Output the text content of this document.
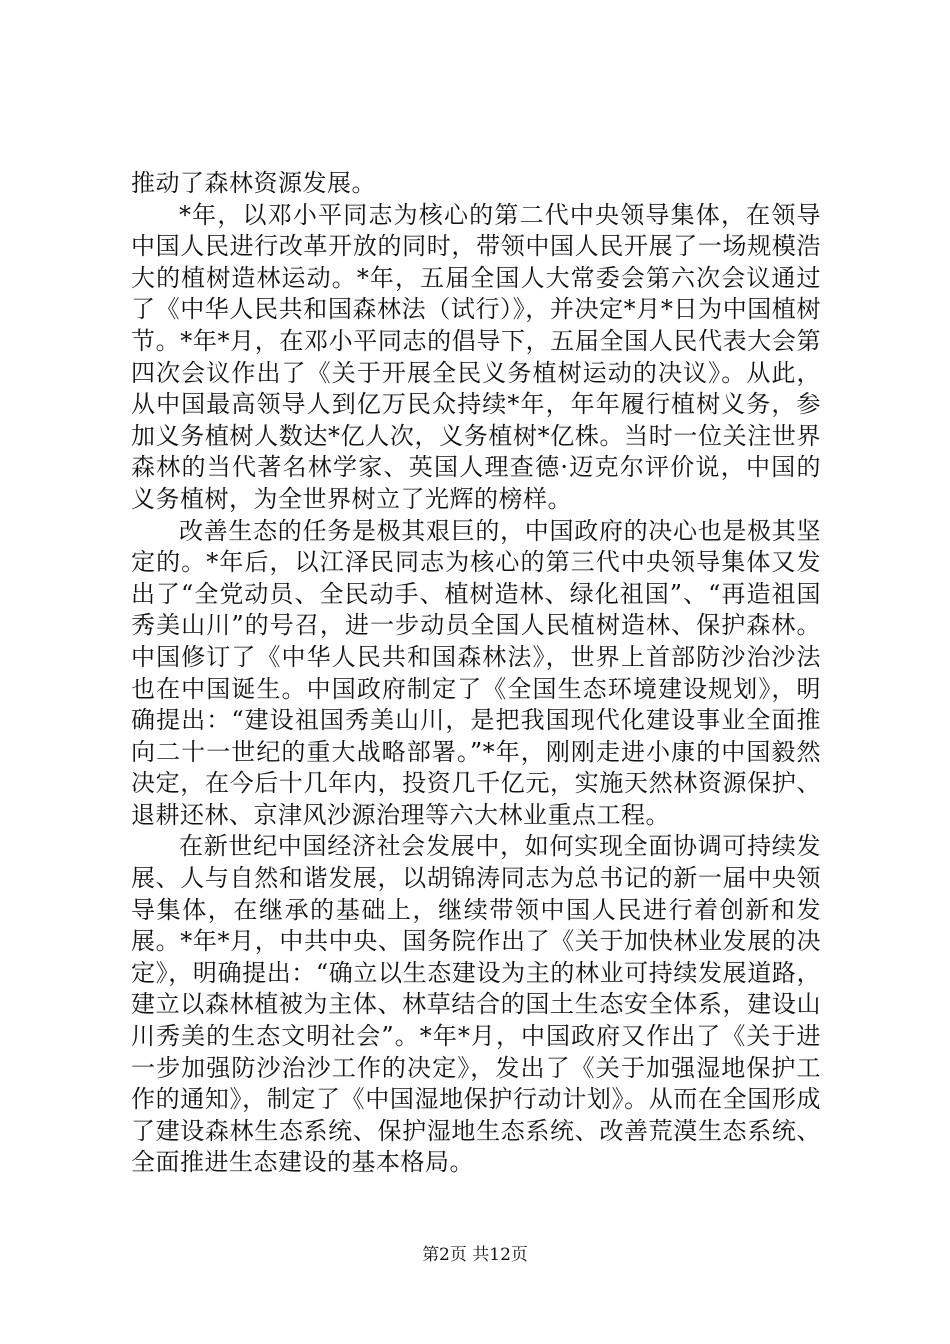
推动了森林资源发展。

*年，以邓小平同志为核心的第二代中央领导集体，在领导中国人民进行改革开放的同时，带领中国人民开展了一场规模浩大的植树造林运动。*年，五届全国人大常委会第六次会议通过了《中华人民共和国森林法（试行）》，并决定*月*日为中国植树节。*年*月，在邓小平同志的倡导下，五届全国人民代表大会第四次会议作出了《关于开展全民义务植树运动的决议》。从此，从中国最高领导人到亿万民众持续*年，年年履行植树义务，参加义务植树人数达*亿人次，义务植树*亿株。当时一位关注世界森林的当代著名林学家、英国人理查德·迈克尔评价说，中国的义务植树，为全世界树立了光辉的榜样。

改善生态的任务是极其艰巨的，中国政府的决心也是极其坚定的。*年后，以江泽民同志为核心的第三代中央领导集体又发出了“全党动员、全民动手、植树造林、绿化祖国”、“再造祖国秀美山川”的号召，进一步动员全国人民植树造林、保护森林。中国修订了《中华人民共和国森林法》，世界上首部防沙治沙法也在中国诞生。中国政府制定了《全国生态环境建设规划》，明确提出：“建设祖国秀美山川，是把我国现代化建设事业全面推向二十一世纪的重大战略部署。”*年，刚刚走进小康的中国毅然决定，在今后十几年内，投资几千亿元，实施天然林资源保护、退耕还林、京津风沙源治理等六大林业重点工程。

在新世纪中国经济社会发展中，如何实现全面协调可持续发展、人与自然和谐发展，以胡锦涛同志为总书记的新一届中央领导集体，在继承的基础上，继续带领中国人民进行着创新和发展。*年*月，中共中央、国务院作出了《关于加快林业发展的决定》，明确提出：“确立以生态建设为主的林业可持续发展道路，建立以森林植被为主体、林草结合的国土生态安全体系，建设山川秀美的生态文明社会”。*年*月，中国政府又作出了《关于进一步加强防沙治沙工作的决定》，发出了《关于加强湿地保护工作的通知》，制定了《中国湿地保护行动计划》。从而在全国形成了建设森林生态系统、保护湿地生态系统、改善荒漠生态系统、全面推进生态建设的基本格局。

第2页 共12页
